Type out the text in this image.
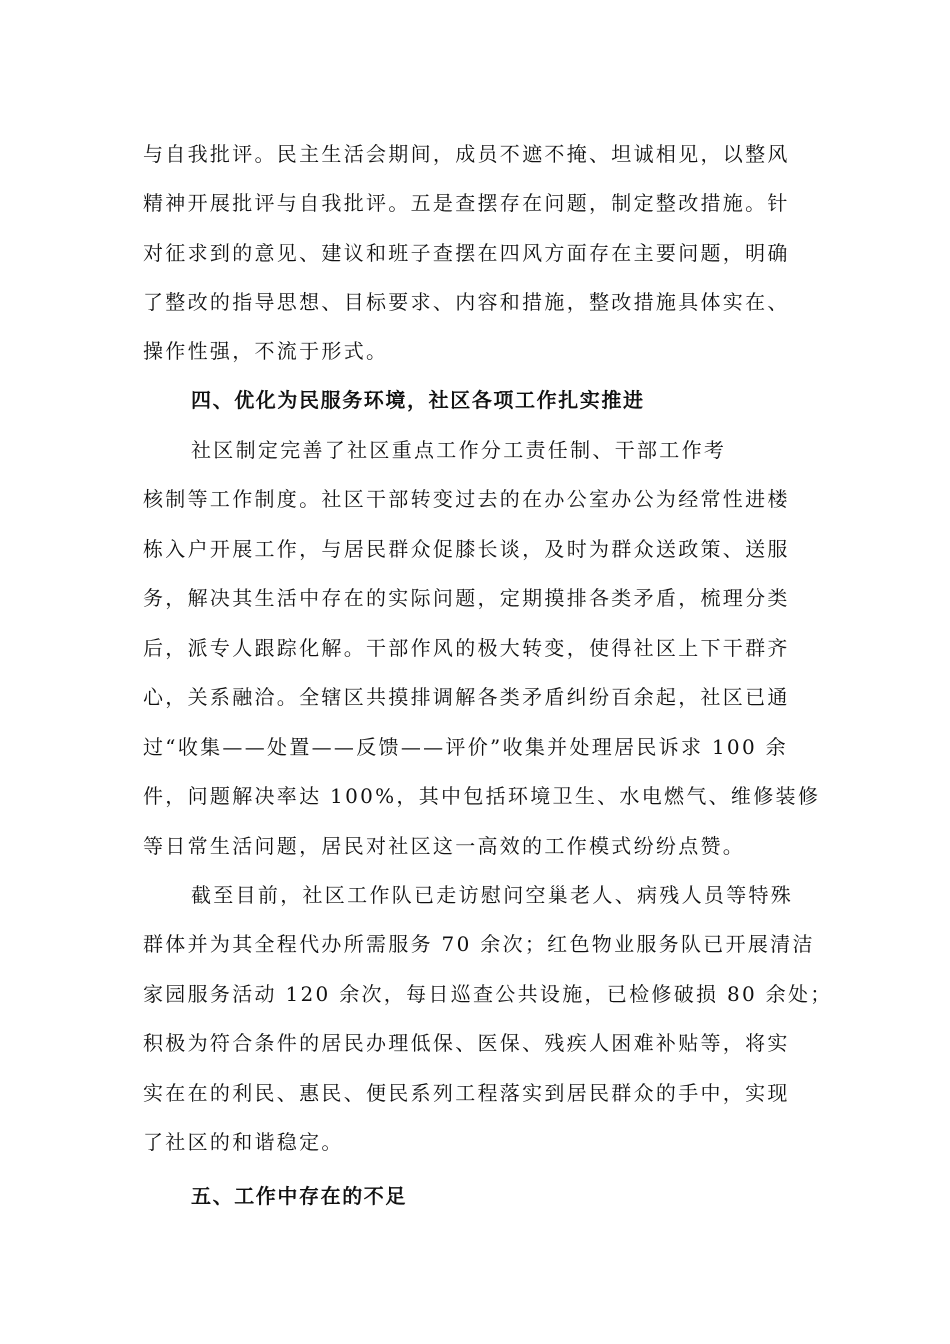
与自我批评。民主生活会期间，成员不遮不掩、坦诚相见，以整风
精神开展批评与自我批评。五是查摆存在问题，制定整改措施。针
对征求到的意见、建议和班子查摆在四风方面存在主要问题，明确
了整改的指导思想、目标要求、内容和措施，整改措施具体实在、
操作性强，不流于形式。
四、优化为民服务环境，社区各项工作扎实推进
社区制定完善了社区重点工作分工责任制、干部工作考
核制等工作制度。社区干部转变过去的在办公室办公为经常性进楼
栋入户开展工作，与居民群众促膝长谈，及时为群众送政策、送服
务，解决其生活中存在的实际问题，定期摸排各类矛盾，梳理分类
后，派专人跟踪化解。干部作风的极大转变，使得社区上下干群齐
心，关系融洽。全辖区共摸排调解各类矛盾纠纷百余起，社区已通
过“收集——处置——反馈——评价”收集并处理居民诉求 100 余
件，问题解决率达 100%，其中包括环境卫生、水电燃气、维修装修
等日常生活问题，居民对社区这一高效的工作模式纷纷点赞。
截至目前，社区工作队已走访慰问空巢老人、病残人员等特殊
群体并为其全程代办所需服务 70 余次；红色物业服务队已开展清洁
家园服务活动 120 余次，每日巡查公共设施，已检修破损 80 余处；
积极为符合条件的居民办理低保、医保、残疾人困难补贴等，将实
实在在的利民、惠民、便民系列工程落实到居民群众的手中，实现
了社区的和谐稳定。
五、工作中存在的不足
